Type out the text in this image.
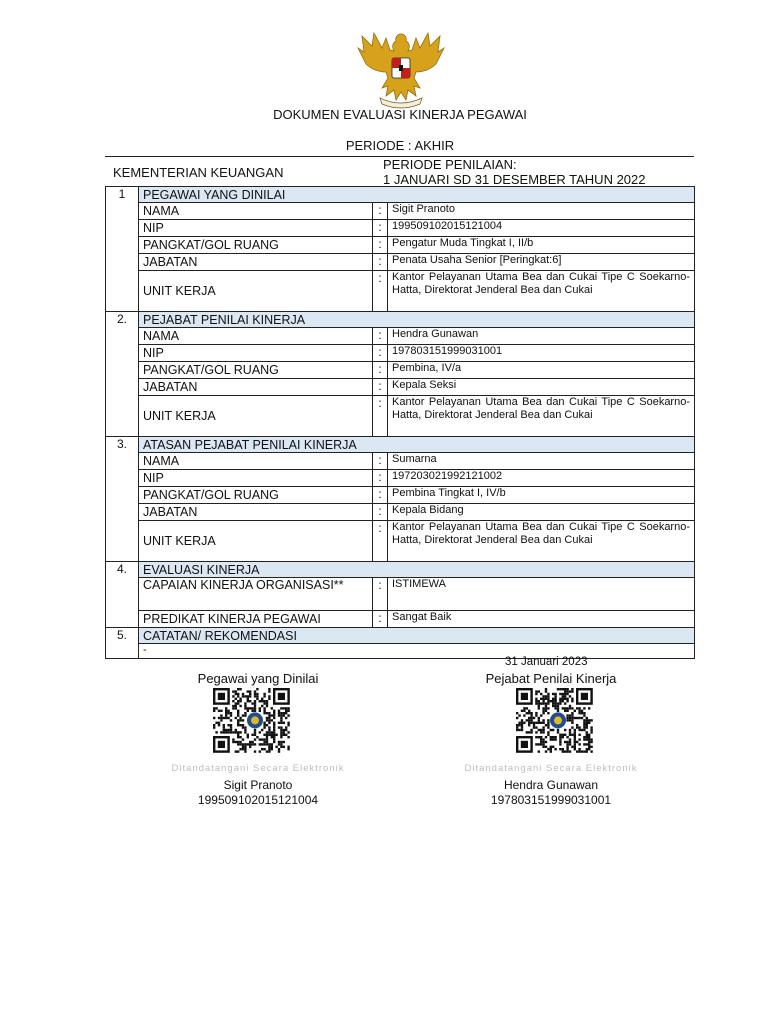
DOKUMEN EVALUASI KINERJA PEGAWAI
PERIODE : AKHIR
KEMENTERIAN KEUANGAN
PERIODE PENILAIAN:
1 JANUARI SD 31 DESEMBER TAHUN 2022
1	PEGAWAI YANG DINILAI		
	NAMA	:	Sigit Pranoto
	NIP	:	199509102015121004
	PANGKAT/GOL RUANG	:	Pengatur Muda Tingkat I, II/b
	JABATAN	:	Penata Usaha Senior [Peringkat:6]
	UNIT KERJA	:	Kantor Pelayanan Utama Bea dan Cukai Tipe C Soekarno-Hatta, Direktorat Jenderal Bea dan Cukai
2.	PEJABAT PENILAI KINERJA		
	NAMA	:	Hendra Gunawan
	NIP	:	197803151999031001
	PANGKAT/GOL RUANG	:	Pembina, IV/a
	JABATAN	:	Kepala Seksi
	UNIT KERJA	:	Kantor Pelayanan Utama Bea dan Cukai Tipe C Soekarno-Hatta, Direktorat Jenderal Bea dan Cukai
3.	ATASAN PEJABAT PENILAI KINERJA		
	NAMA	:	Sumarna
	NIP	:	197203021992121002
	PANGKAT/GOL RUANG	:	Pembina Tingkat I, IV/b
	JABATAN	:	Kepala Bidang
	UNIT KERJA	:	Kantor Pelayanan Utama Bea dan Cukai Tipe C Soekarno-Hatta, Direktorat Jenderal Bea dan Cukai
4.	EVALUASI KINERJA		
	CAPAIAN KINERJA ORGANISASI**	:	ISTIMEWA
	PREDIKAT KINERJA PEGAWAI	:	Sangat Baik
5.	CATATAN/ REKOMENDASI		
	-		
31 Januari 2023
Pegawai yang Dinilai	Pejabat Penilai Kinerja
Ditandatangani Secara Elektronik	Ditandatangani Secara Elektronik
Sigit Pranoto	Hendra Gunawan
199509102015121004	197803151999031001
